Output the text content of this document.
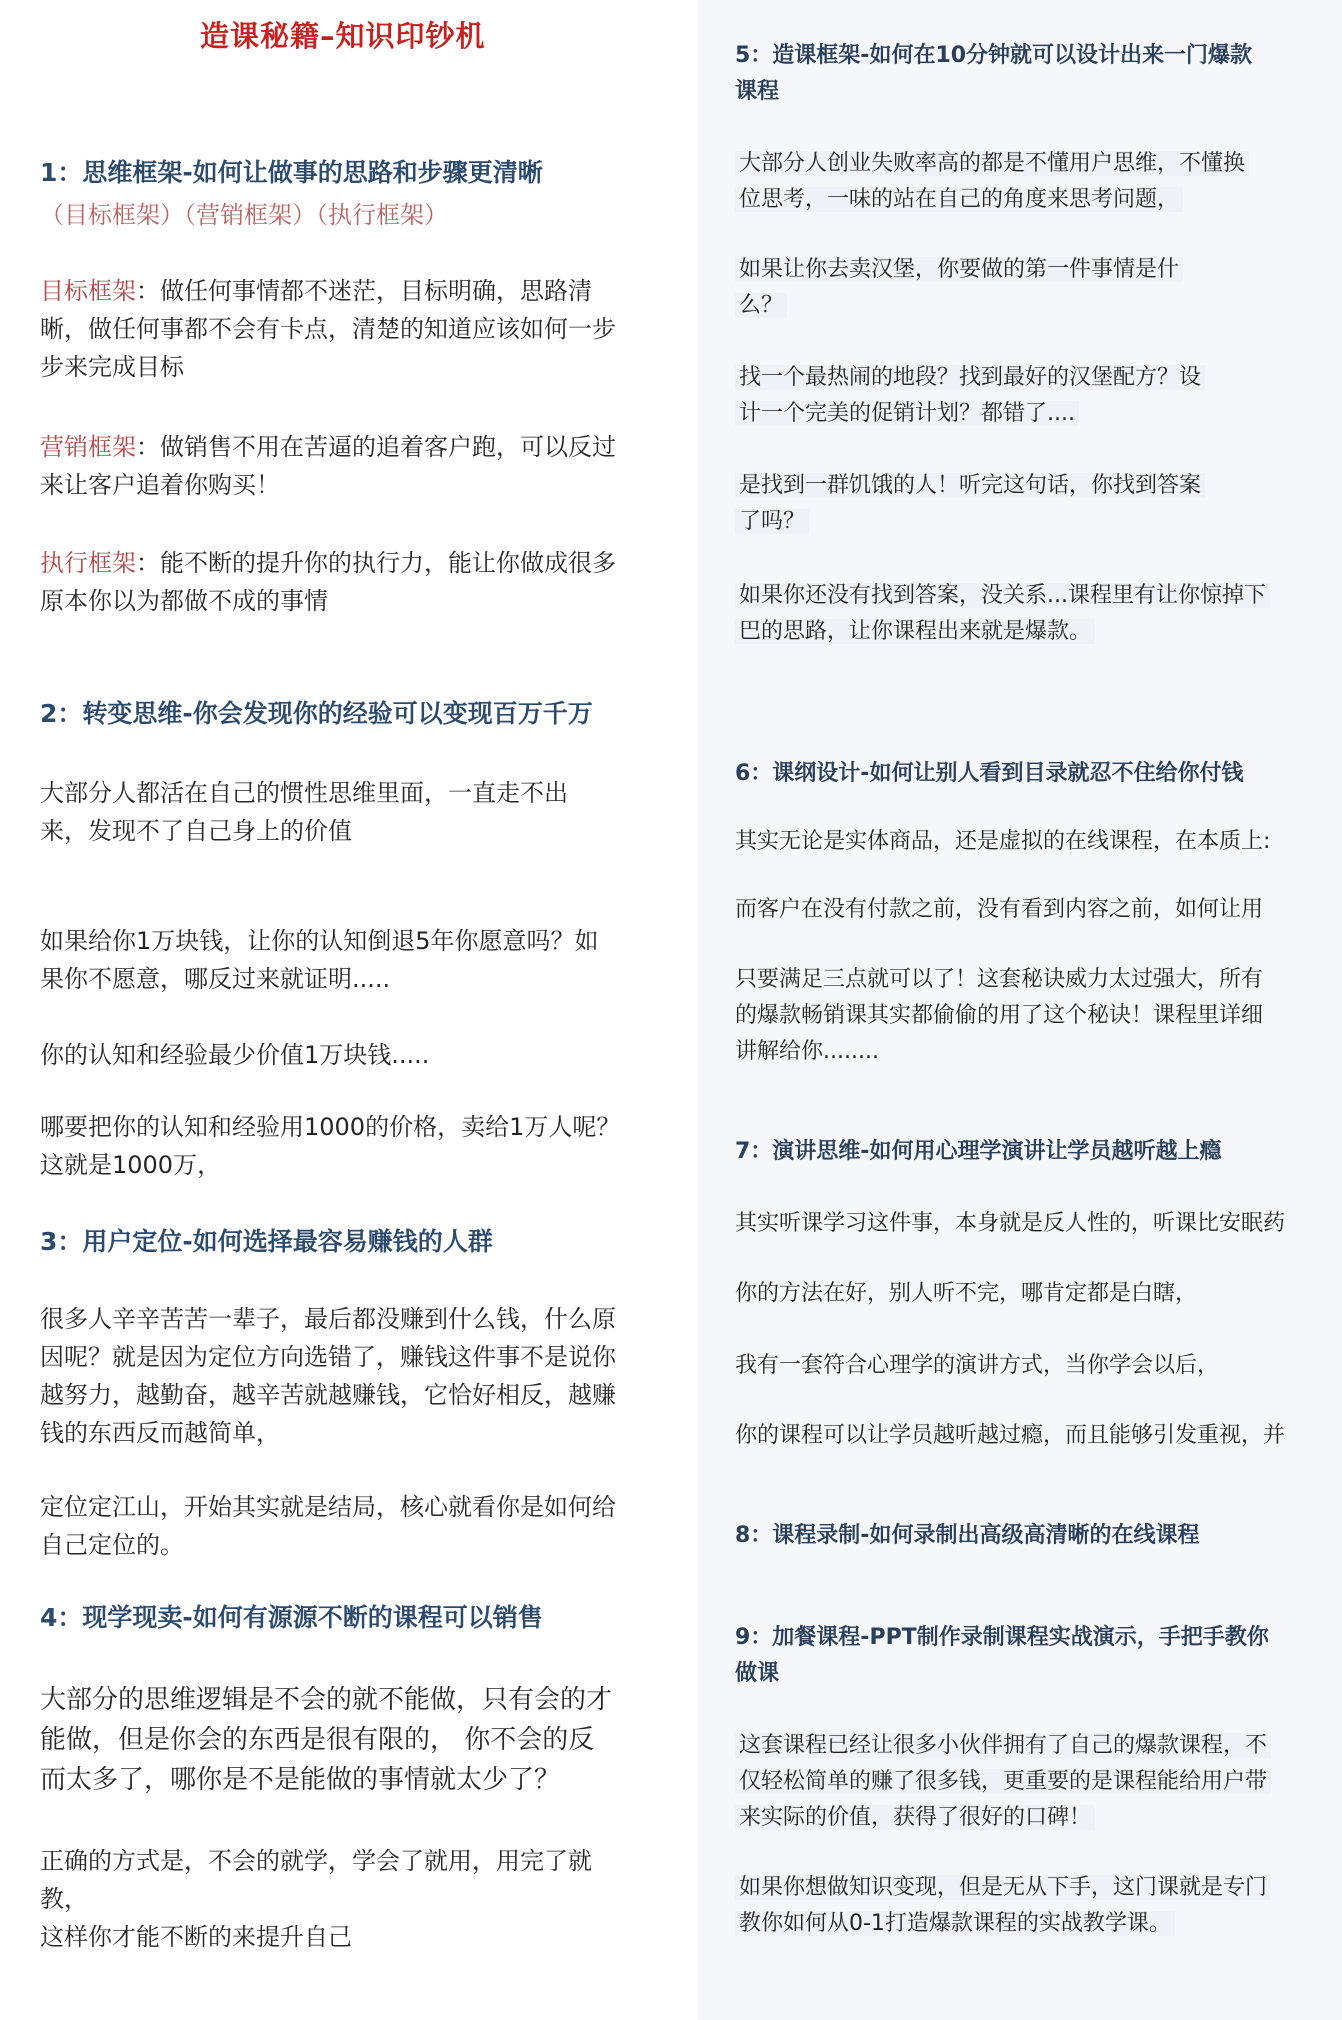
造课秘籍–知识印钞机
1：思维框架-如何让做事的思路和步骤更清晰
（目标框架）（营销框架）（执行框架）
目标框架：做任何事情都不迷茫，目标明确，思路清
晰，做任何事都不会有卡点，清楚的知道应该如何一步
步来完成目标
营销框架：做销售不用在苦逼的追着客户跑，可以反过
来让客户追着你购买！
执行框架：能不断的提升你的执行力，能让你做成很多
原本你以为都做不成的事情
2：转变思维-你会发现你的经验可以变现百万千万
大部分人都活在自己的惯性思维里面，一直走不出
来，发现不了自己身上的价值
如果给你1万块钱，让你的认知倒退5年你愿意吗？如
果你不愿意，哪反过来就证明.....
你的认知和经验最少价值1万块钱.....
哪要把你的认知和经验用1000的价格，卖给1万人呢？
这就是1000万，
3：用户定位-如何选择最容易赚钱的人群
很多人辛辛苦苦一辈子，最后都没赚到什么钱，什么原
因呢？就是因为定位方向选错了，赚钱这件事不是说你
越努力，越勤奋，越辛苦就越赚钱，它恰好相反，越赚
钱的东西反而越简单，
定位定江山，开始其实就是结局，核心就看你是如何给
自己定位的。
4：现学现卖-如何有源源不断的课程可以销售
大部分的思维逻辑是不会的就不能做，只有会的才
能做，但是你会的东西是很有限的， 你不会的反
而太多了，哪你是不是能做的事情就太少了？
正确的方式是，不会的就学，学会了就用，用完了就
教，
这样你才能不断的来提升自己
5：造课框架-如何在10分钟就可以设计出来一门爆款
课程
大部分人创业失败率高的都是不懂用户思维，不懂换
位思考，一味的站在自己的角度来思考问题，
如果让你去卖汉堡，你要做的第一件事情是什
么？
找一个最热闹的地段？找到最好的汉堡配方？设
计一个完美的促销计划？都错了....
是找到一群饥饿的人！听完这句话，你找到答案
了吗？
如果你还没有找到答案，没关系...课程里有让你惊掉下
巴的思路，让你课程出来就是爆款。
6：课纲设计-如何让别人看到目录就忍不住给你付钱
其实无论是实体商品，还是虚拟的在线课程，在本质上:
而客户在没有付款之前，没有看到内容之前，如何让用
只要满足三点就可以了！这套秘诀威力太过强大，所有
的爆款畅销课其实都偷偷的用了这个秘诀！课程里详细
讲解给你........
7：演讲思维-如何用心理学演讲让学员越听越上瘾
其实听课学习这件事，本身就是反人性的，听课比安眠药
你的方法在好，别人听不完，哪肯定都是白瞎，
我有一套符合心理学的演讲方式，当你学会以后，
你的课程可以让学员越听越过瘾，而且能够引发重视，并
8：课程录制-如何录制出高级高清晰的在线课程
9：加餐课程-PPT制作录制课程实战演示，手把手教你
做课
这套课程已经让很多小伙伴拥有了自己的爆款课程，不
仅轻松简单的赚了很多钱，更重要的是课程能给用户带
来实际的价值，获得了很好的口碑！
如果你想做知识变现，但是无从下手，这门课就是专门
教你如何从0-1打造爆款课程的实战教学课。
